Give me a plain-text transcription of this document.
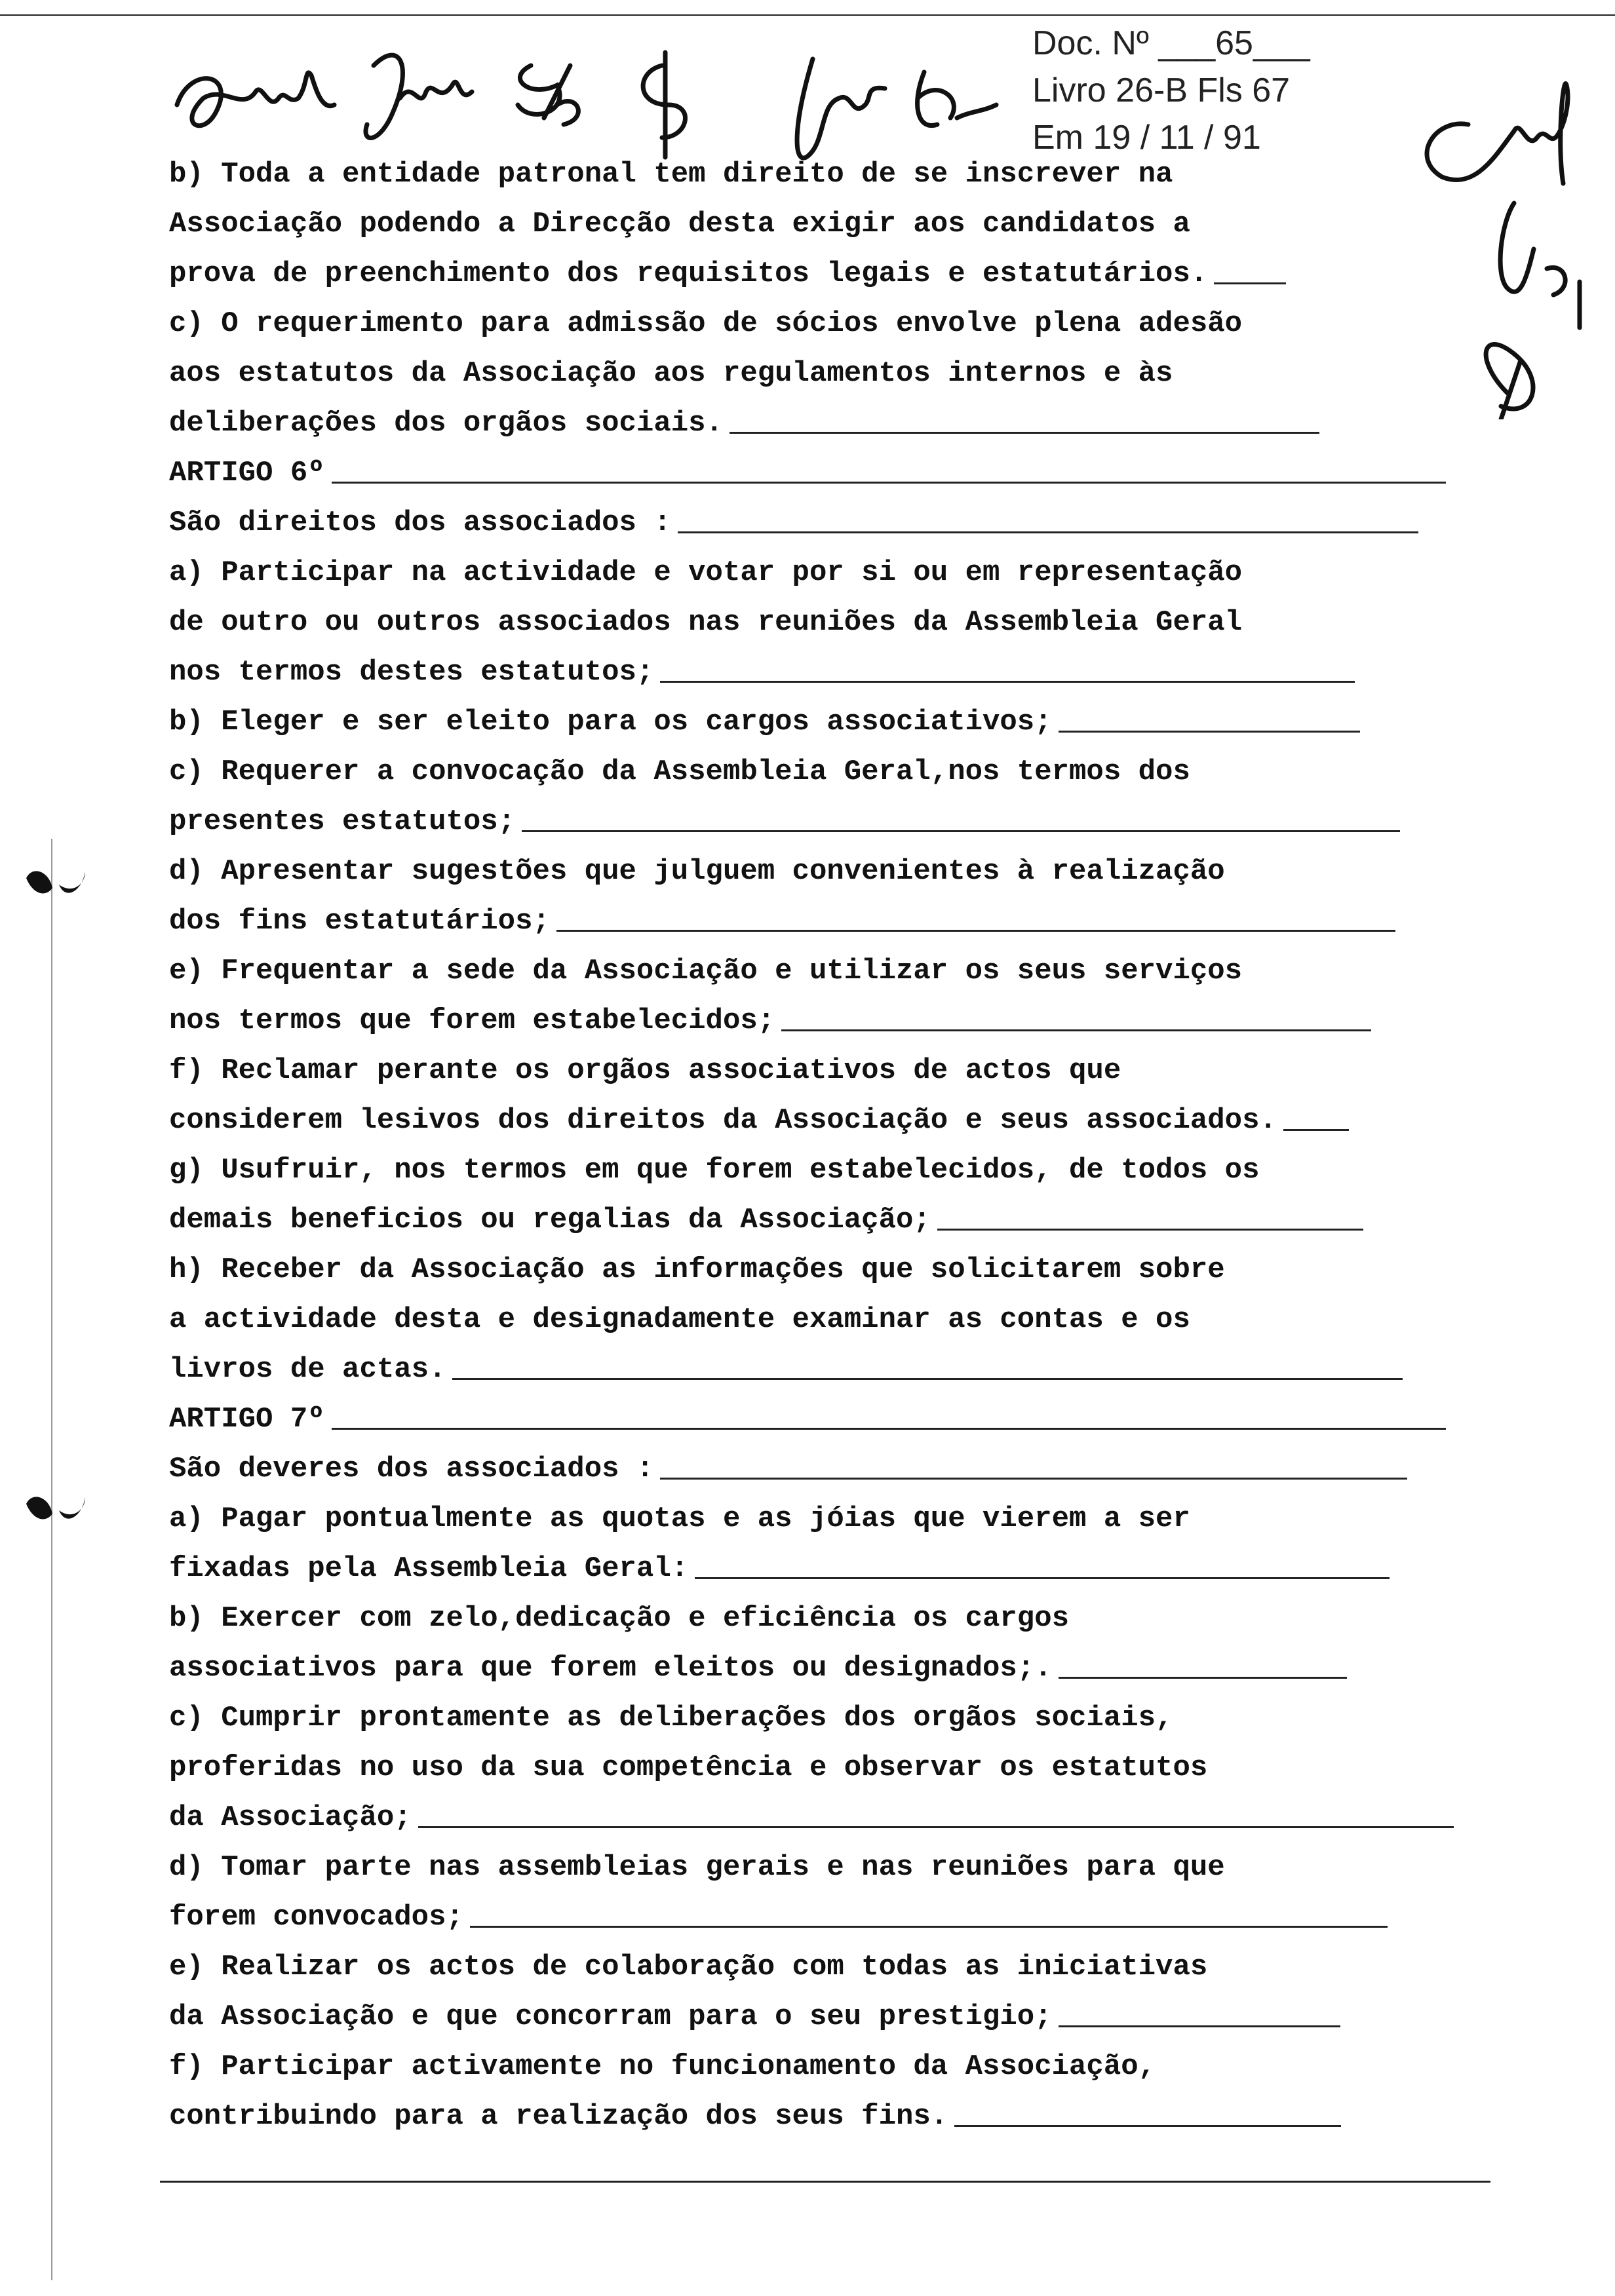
Doc. Nº ___65___
Livro 26-B Fls 67
Em 19 / 11 / 91
b) Toda a entidade patronal tem direito de se inscrever na
Associação podendo a Direcção desta exigir aos candidatos a
prova de preenchimento dos requisitos legais e estatutários.
c) O requerimento para admissão de sócios envolve plena adesão
aos estatutos da Associação aos regulamentos internos e às
deliberações dos orgãos sociais.
ARTIGO 6º
São direitos dos associados :
a) Participar na actividade e votar por si ou em representação
de outro ou outros associados nas reuniões da Assembleia Geral
nos termos destes estatutos;
b) Eleger e ser eleito para os cargos associativos;
c) Requerer a convocação da Assembleia Geral,nos termos dos
presentes estatutos;
d) Apresentar sugestões que julguem convenientes à realização
dos fins estatutários;
e) Frequentar a sede da Associação e utilizar os seus serviços
nos termos que forem estabelecidos;
f) Reclamar perante os orgãos associativos de actos que
considerem lesivos dos direitos da Associação e seus associados.
g) Usufruir, nos termos em que forem estabelecidos, de todos os
demais beneficios ou regalias da Associação;
h) Receber da Associação as informações que solicitarem sobre
a actividade desta e designadamente examinar as contas e os
livros de actas.
ARTIGO 7º
São deveres dos associados :
a) Pagar pontualmente as quotas e as jóias que vierem a ser
fixadas pela Assembleia Geral:
b) Exercer com zelo,dedicação e eficiência os cargos
associativos para que forem eleitos ou designados;.
c) Cumprir prontamente as deliberações dos orgãos sociais,
proferidas no uso da sua competência e observar os estatutos
da Associação;
d) Tomar parte nas assembleias gerais e nas reuniões para que
forem convocados;
e) Realizar os actos de colaboração com todas as iniciativas
da Associação e que concorram para o seu prestigio;
f) Participar activamente no funcionamento da Associação,
contribuindo para a realização dos seus fins.
